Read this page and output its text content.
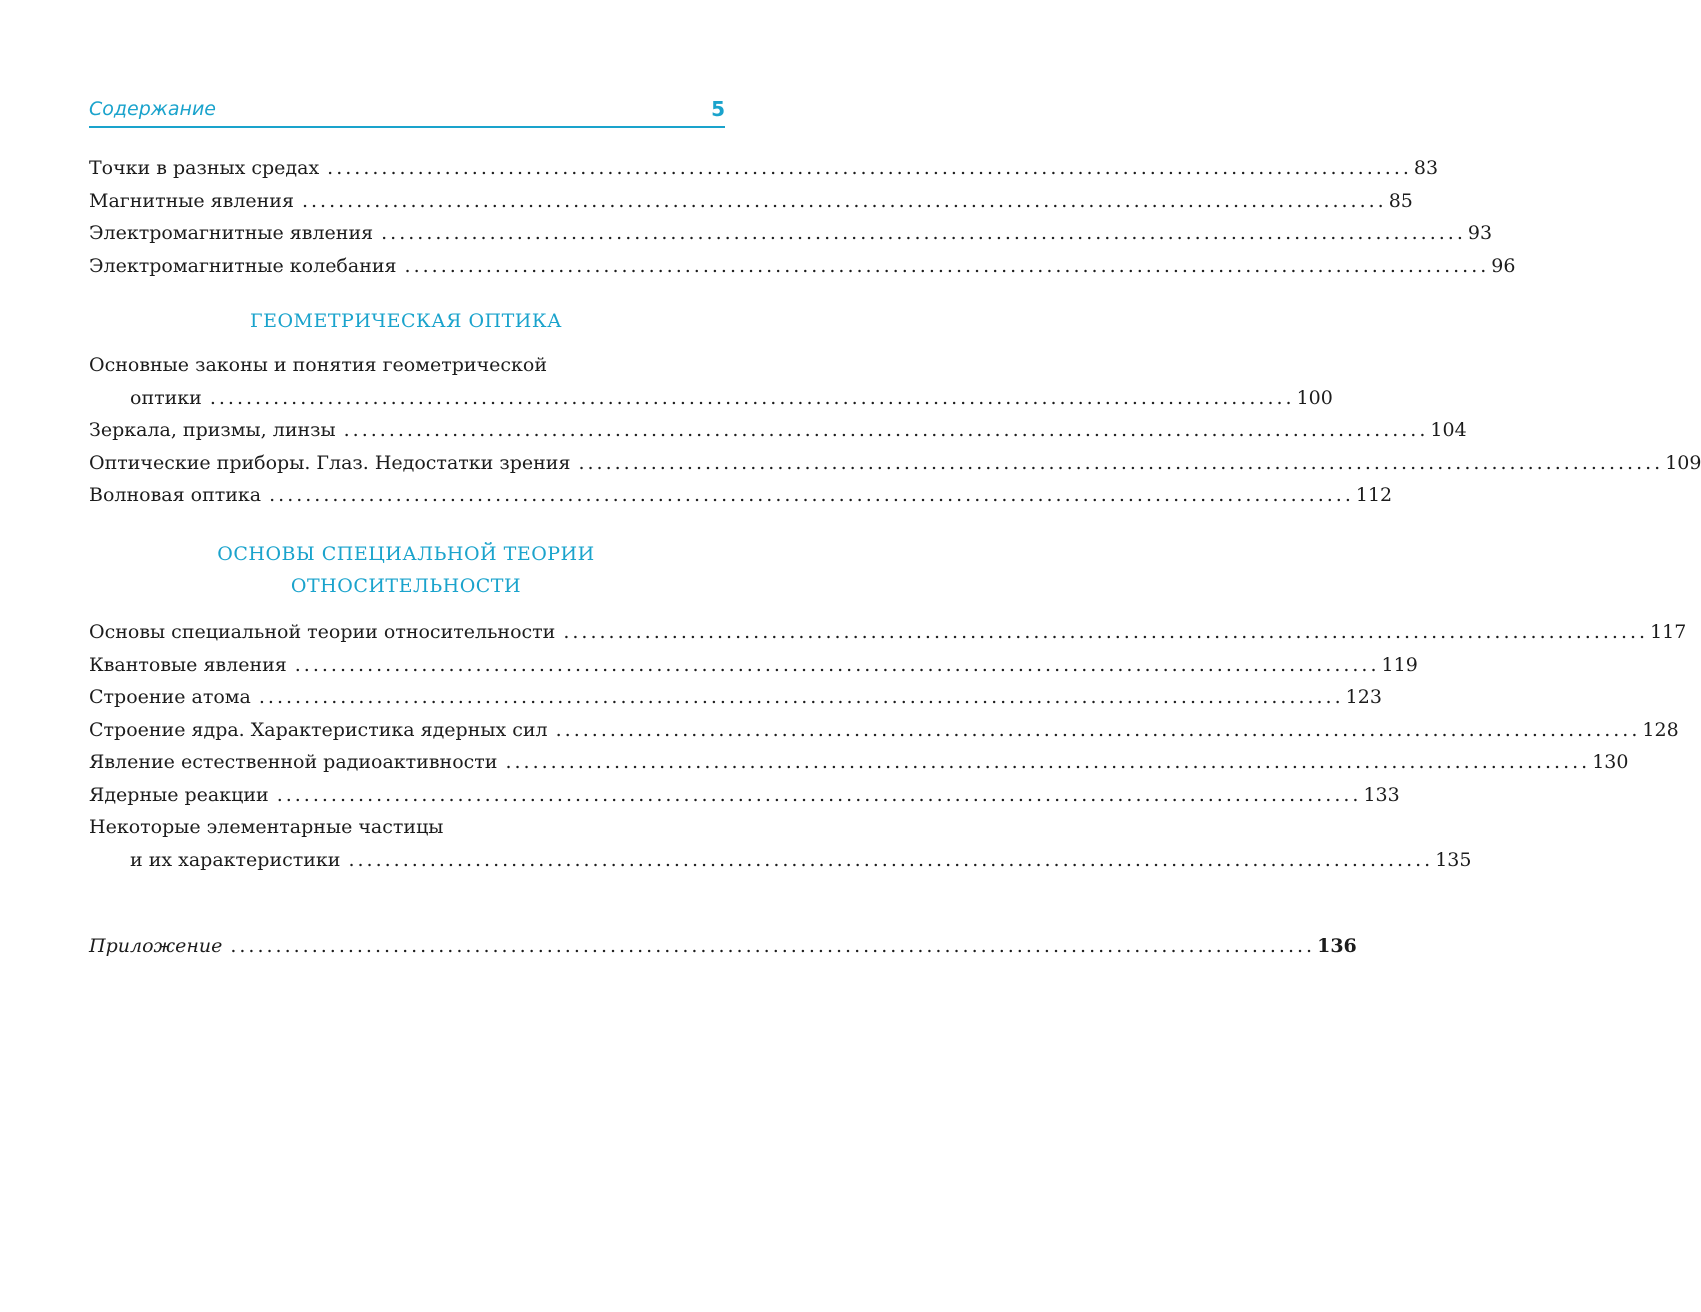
Содержание	5
Точки в разных средах ........................................................................................................................ 83
Магнитные явления ........................................................................................................................ 85
Электромагнитные явления ........................................................................................................................ 93
Электромагнитные колебания ........................................................................................................................ 96
ГЕОМЕТРИЧЕСКАЯ ОПТИКА
Основные законы и понятия геометрической
оптики ........................................................................................................................ 100
Зеркала, призмы, линзы ........................................................................................................................ 104
Оптические приборы. Глаз. Недостатки зрения ........................................................................................................................ 109
Волновая оптика ........................................................................................................................ 112
ОСНОВЫ СПЕЦИАЛЬНОЙ ТЕОРИИ
ОТНОСИТЕЛЬНОСТИ
Основы специальной теории относительности ........................................................................................................................ 117
Квантовые явления ........................................................................................................................ 119
Строение атома ........................................................................................................................ 123
Строение ядра. Характеристика ядерных сил ........................................................................................................................ 128
Явление естественной радиоактивности ........................................................................................................................ 130
Ядерные реакции ........................................................................................................................ 133
Некоторые элементарные частицы
и их характеристики ........................................................................................................................ 135
Приложение ........................................................................................................................ 136
